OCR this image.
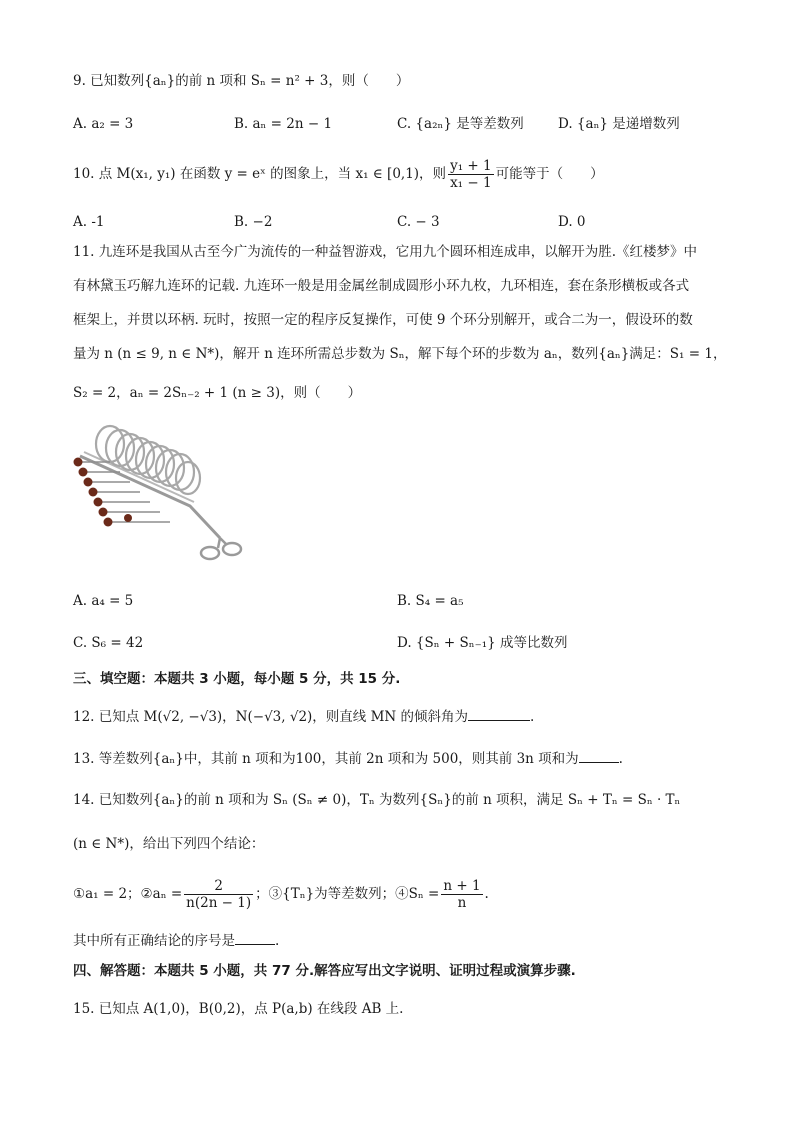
9. 已知数列{aₙ}的前 n 项和 Sₙ = n² + 3，则（　　）
A. a₂ = 3	B. aₙ = 2n − 1	C. {a₂ₙ} 是等差数列	D. {aₙ} 是递增数列
10. 点 M(x₁, y₁) 在函数 y = eˣ 的图象上，当 x₁ ∈ [0,1)，则 $\frac{\text{y₁ + 1}}{\text{x₁ − 1}}$ 可能等于（　　）
A. -1	B. −2	C. − 3	D. 0
11. 九连环是我国从古至今广为流传的一种益智游戏，它用九个圆环相连成串，以解开为胜.《红楼梦》中
有林黛玉巧解九连环的记载. 九连环一般是用金属丝制成圆形小环九枚，九环相连，套在条形横板或各式
框架上，并贯以环柄. 玩时，按照一定的程序反复操作，可使 9 个环分别解开，或合二为一，假设环的数
量为 n (n ≤ 9, n ∈ N*)，解开 n 连环所需总步数为 Sₙ，解下每个环的步数为 aₙ，数列{aₙ}满足：S₁ = 1，
S₂ = 2，aₙ = 2Sₙ₋₂ + 1 (n ≥ 3)，则（　　）
A. a₄ = 5	B. S₄ = a₅
C. S₆ = 42	D. {Sₙ + Sₙ₋₁} 成等比数列
三、填空题：本题共 3 小题，每小题 5 分，共 15 分.
12. 已知点 M(√2, −√3)，N(−√3, √2)，则直线 MN 的倾斜角为	.
13. 等差数列{aₙ}中，其前 n 项和为100，其前 2n 项和为 500，则其前 3n 项和为	.
14. 已知数列{aₙ}的前 n 项和为 Sₙ (Sₙ ≠ 0)，Tₙ 为数列{Sₙ}的前 n 项积，满足 Sₙ + Tₙ = Sₙ · Tₙ
(n ∈ N*)，给出下列四个结论：
①a₁ = 2；②aₙ = $\frac{2}{n(2n - 1)}$ ；③{Tₙ}为等差数列；④Sₙ = $\frac{n + 1}{n}$ .
其中所有正确结论的序号是	.
四、解答题：本题共 5 小题，共 77 分.解答应写出文字说明、证明过程或演算步骤.
15. 已知点 A(1,0)，B(0,2)，点 P(a,b) 在线段 AB 上.
